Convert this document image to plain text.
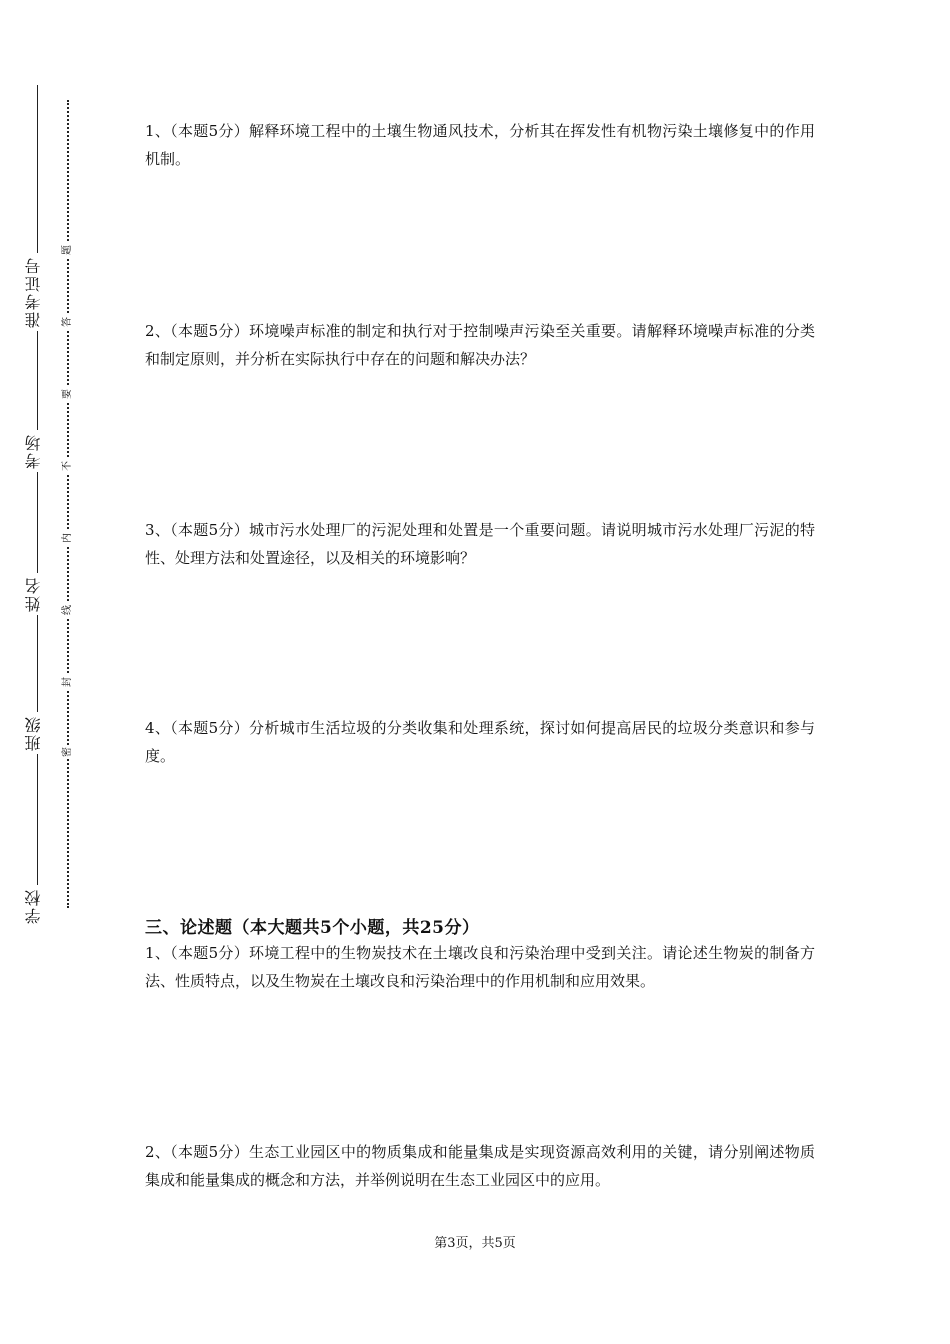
准考证号
考场
姓名
班级
学校
题
答
要
不
内
线
封
密
1、（本题5分）解释环境工程中的土壤生物通风技术，分析其在挥发性有机物污染土壤修复中的作用机制。
2、（本题5分）环境噪声标准的制定和执行对于控制噪声污染至关重要。请解释环境噪声标准的分类和制定原则，并分析在实际执行中存在的问题和解决办法？
3、（本题5分）城市污水处理厂的污泥处理和处置是一个重要问题。请说明城市污水处理厂污泥的特性、处理方法和处置途径，以及相关的环境影响？
4、（本题5分）分析城市生活垃圾的分类收集和处理系统，探讨如何提高居民的垃圾分类意识和参与度。
三、论述题（本大题共5个小题，共25分）
1、（本题5分）环境工程中的生物炭技术在土壤改良和污染治理中受到关注。请论述生物炭的制备方法、性质特点，以及生物炭在土壤改良和污染治理中的作用机制和应用效果。
2、（本题5分）生态工业园区中的物质集成和能量集成是实现资源高效利用的关键，请分别阐述物质集成和能量集成的概念和方法，并举例说明在生态工业园区中的应用。
第3页，共5页
